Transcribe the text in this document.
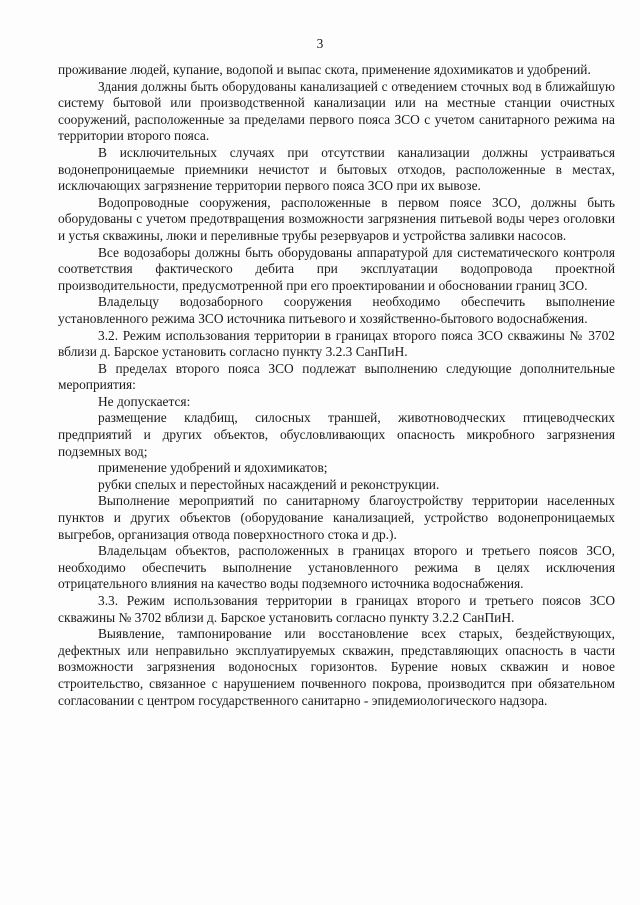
3

проживание людей, купание, водопой и выпас скота, применение ядохимикатов и удобрений.

Здания должны быть оборудованы канализацией с отведением сточных вод в ближайшую систему бытовой или производственной канализации или на местные станции очистных сооружений, расположенные за пределами первого пояса ЗСО с учетом санитарного режима на территории второго пояса.

В исключительных случаях при отсутствии канализации должны устраиваться водонепроницаемые приемники нечистот и бытовых отходов, расположенные в местах, исключающих загрязнение территории первого пояса ЗСО при их вывозе.

Водопроводные сооружения, расположенные в первом поясе ЗСО, должны быть оборудованы с учетом предотвращения возможности загрязнения питьевой воды через оголовки и устья скважины, люки и переливные трубы резервуаров и устройства заливки насосов.

Все водозаборы должны быть оборудованы аппаратурой для систематического контроля соответствия фактического дебита при эксплуатации водопровода проектной производительности, предусмотренной при его проектировании и обосновании границ ЗСО.

Владельцу водозаборного сооружения необходимо обеспечить выполнение установленного режима ЗСО источника питьевого и хозяйственно-бытового водоснабжения.

3.2. Режим использования территории в границах второго пояса ЗСО скважины № 3702 вблизи д. Барское установить согласно пункту 3.2.3 СанПиН.

В пределах второго пояса ЗСО подлежат выполнению следующие дополнительные мероприятия:

Не допускается:

размещение кладбищ, силосных траншей, животноводческих птицеводческих предприятий и других объектов, обусловливающих опасность микробного загрязнения подземных вод;

применение удобрений и ядохимикатов;

рубки спелых и перестойных насаждений и реконструкции.

Выполнение мероприятий по санитарному благоустройству территории населенных пунктов и других объектов (оборудование канализацией, устройство водонепроницаемых выгребов, организация отвода поверхностного стока и др.).

Владельцам объектов, расположенных в границах второго и третьего поясов ЗСО, необходимо обеспечить выполнение установленного режима в целях исключения отрицательного влияния на качество воды подземного источника водоснабжения.

3.3. Режим использования территории в границах второго и третьего поясов ЗСО скважины № 3702 вблизи д. Барское установить согласно пункту 3.2.2 СанПиН.

Выявление, тампонирование или восстановление всех старых, бездействующих, дефектных или неправильно эксплуатируемых скважин, представляющих опасность в части возможности загрязнения водоносных горизонтов. Бурение новых скважин и новое строительство, связанное с нарушением почвенного покрова, производится при обязательном согласовании с центром государственного санитарно - эпидемиологического надзора.
